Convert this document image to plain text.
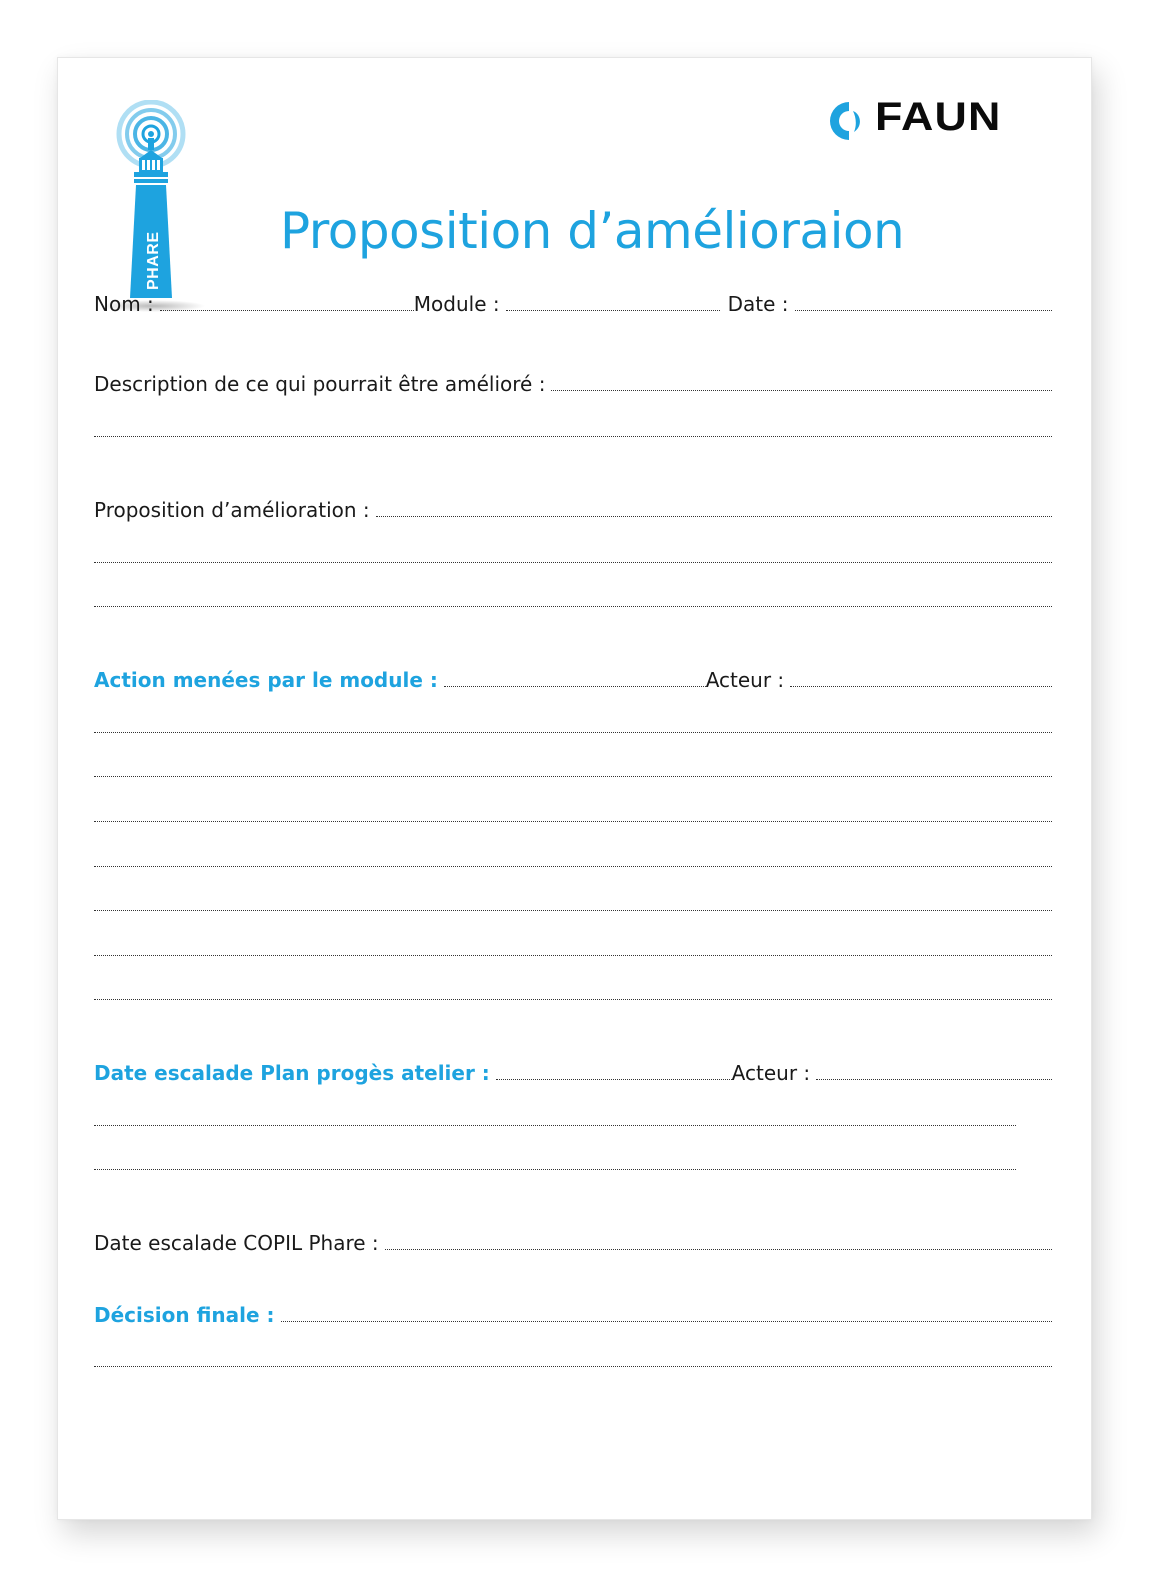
PHARE
FAUN
Proposition d’amélioraion
Nom :	Module :	Date :
Description de ce qui pourrait être amélioré :
Proposition d’amélioration :
Action menées par le module :	Acteur :
Date escalade Plan progès atelier :	Acteur :
Date escalade COPIL Phare :
Décision finale :
